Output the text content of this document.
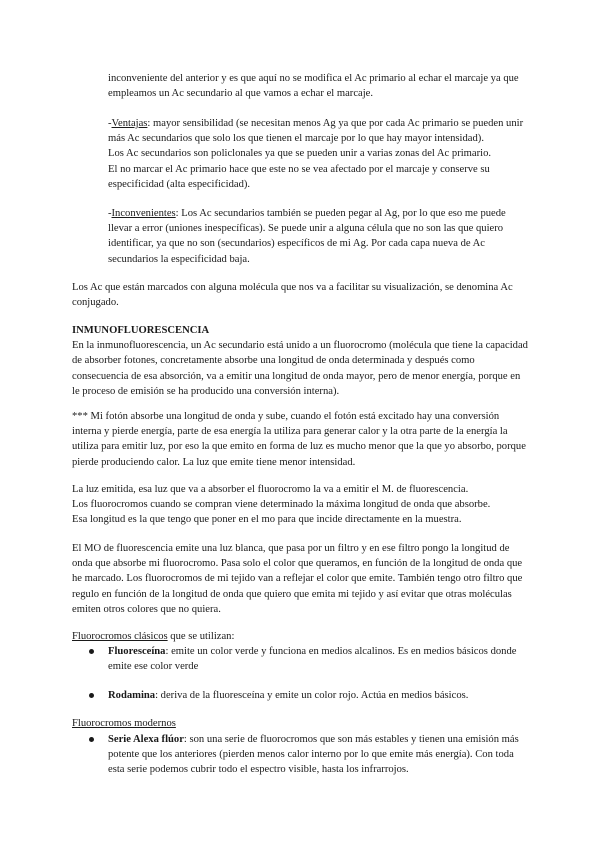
inconveniente del anterior y es que aquí no se modifica el Ac primario al echar el marcaje ya que empleamos un Ac secundario al que vamos a echar el marcaje.

-Ventajas: mayor sensibilidad (se necesitan menos Ag ya que por cada Ac primario se pueden unir más Ac secundarios que solo los que tienen el marcaje por lo que hay mayor intensidad).
Los Ac secundarios son policlonales ya que se pueden unir a varias zonas del Ac primario.
El no marcar el Ac primario hace que este no se vea afectado por el marcaje y conserve su especificidad (alta especificidad).

-Inconvenientes: Los Ac secundarios también se pueden pegar al Ag, por lo que eso me puede llevar a error (uniones inespecíficas). Se puede unir a alguna célula que no son las que quiero identificar, ya que no son (secundarios) específicos de mi Ag. Por cada capa nueva de Ac secundarios la especificidad baja.

Los Ac que están marcados con alguna molécula que nos va a facilitar su visualización, se denomina Ac conjugado.

INMUNOFLUORESCENCIA
En la inmunofluorescencia, un Ac secundario está unido a un fluorocromo (molécula que tiene la capacidad de absorber fotones, concretamente absorbe una longitud de onda determinada y después como consecuencia de esa absorción, va a emitir una longitud de onda mayor, pero de menor energía, porque en le proceso de emisión se ha producido una conversión interna).

*** Mi fotón absorbe una longitud de onda y sube, cuando el fotón está excitado hay una conversión interna y pierde energía, parte de esa energía la utiliza para generar calor y la otra parte de la energía la utiliza para emitir luz, por eso la que emito en forma de luz es mucho menor que la que yo absorbo, porque pierde produciendo calor. La luz que emite tiene menor intensidad.

La luz emitida, esa luz que va a absorber el fluorocromo la va a emitir el M. de fluorescencia.
Los fluorocromos cuando se compran viene determinado la máxima longitud de onda que absorbe.
Esa longitud es la que tengo que poner en el mo para que incide directamente en la muestra.

El MO de fluorescencia emite una luz blanca, que pasa por un filtro y en ese filtro pongo la longitud de onda que absorbe mi fluorocromo. Pasa solo el color que queramos, en función de la longitud de onda que he marcado. Los fluorocromos de mi tejido van a reflejar el color que emite. También tengo otro filtro que regulo en función de la longitud de onda que quiero que emita mi tejido y así evitar que otras moléculas emiten otros colores que no quiera.

Fluorocromos clásicos que se utilizan:

Fluoresceína: emite un color verde y funciona en medios alcalinos. Es en medios básicos donde emite ese color verde
Rodamina: deriva de la fluoresceína y emite un color rojo. Actúa en medios básicos.

Fluorocromos modernos

Serie Alexa flúor: son una serie de fluorocromos que son más estables y tienen una emisión más potente que los anteriores (pierden menos calor interno por lo que emite más energía). Con toda esta serie podemos cubrir todo el espectro visible, hasta los infrarrojos.
